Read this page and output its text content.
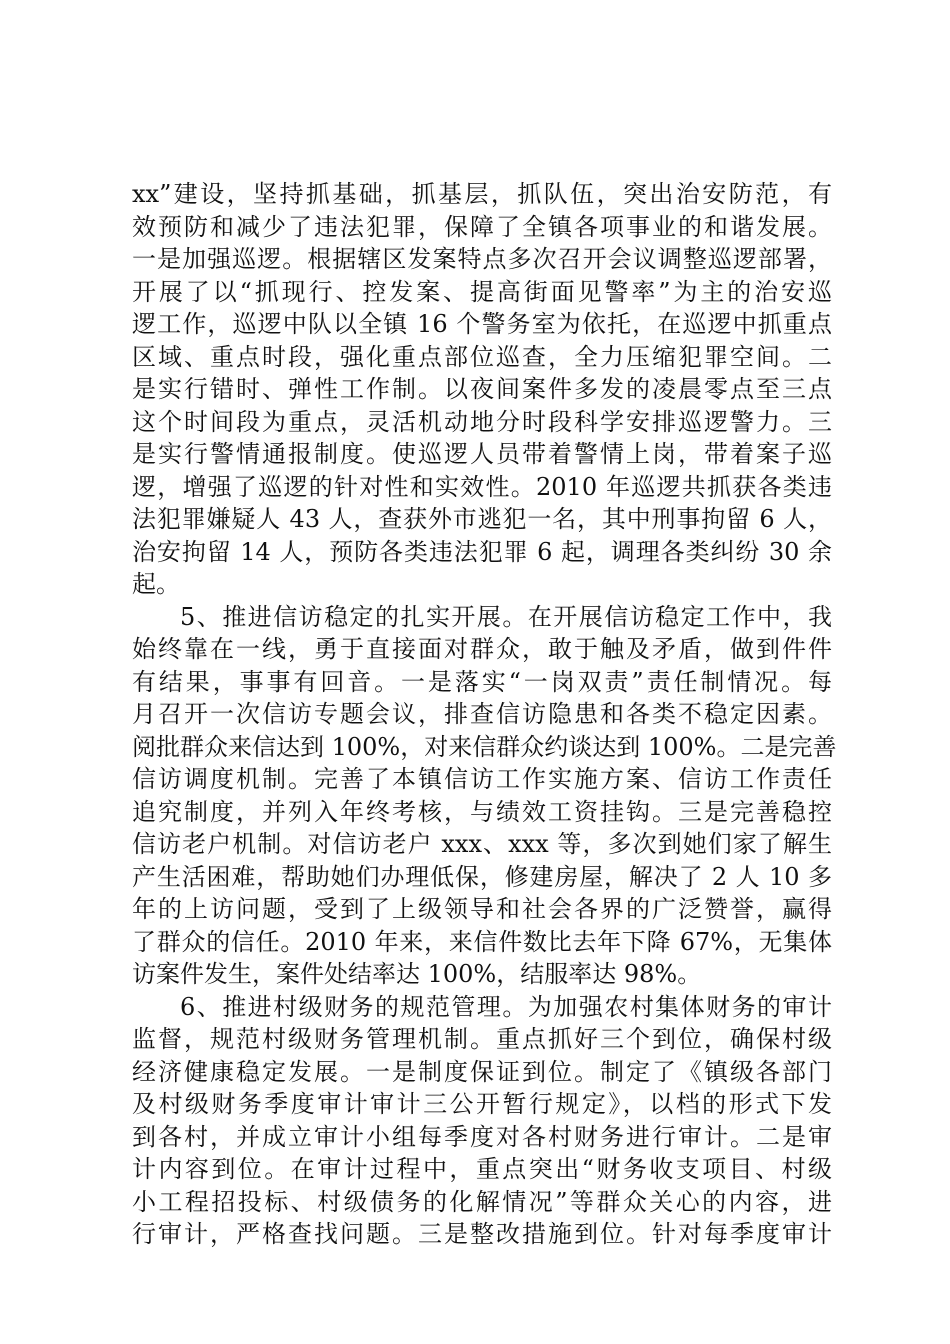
xx”建设，坚持抓基础，抓基层，抓队伍，突出治安防范，有
效预防和减少了违法犯罪，保障了全镇各项事业的和谐发展。
一是加强巡逻。根据辖区发案特点多次召开会议调整巡逻部署，
开展了以“抓现行、控发案、提高街面见警率”为主的治安巡
逻工作，巡逻中队以全镇 16 个警务室为依托，在巡逻中抓重点
区域、重点时段，强化重点部位巡查，全力压缩犯罪空间。二
是实行错时、弹性工作制。以夜间案件多发的凌晨零点至三点
这个时间段为重点，灵活机动地分时段科学安排巡逻警力。三
是实行警情通报制度。使巡逻人员带着警情上岗，带着案子巡
逻，增强了巡逻的针对性和实效性。2010 年巡逻共抓获各类违
法犯罪嫌疑人 43 人，查获外市逃犯一名，其中刑事拘留 6 人，
治安拘留 14 人，预防各类违法犯罪 6 起，调理各类纠纷 30 余
起。
5、推进信访稳定的扎实开展。在开展信访稳定工作中，我
始终靠在一线，勇于直接面对群众，敢于触及矛盾，做到件件
有结果，事事有回音。一是落实“一岗双责”责任制情况。每
月召开一次信访专题会议，排查信访隐患和各类不稳定因素。
阅批群众来信达到 100%，对来信群众约谈达到 100%。二是完善
信访调度机制。完善了本镇信访工作实施方案、信访工作责任
追究制度，并列入年终考核，与绩效工资挂钩。三是完善稳控
信访老户机制。对信访老户 xxx、xxx 等，多次到她们家了解生
产生活困难，帮助她们办理低保，修建房屋，解决了 2 人 10 多
年的上访问题，受到了上级领导和社会各界的广泛赞誉，赢得
了群众的信任。2010 年来，来信件数比去年下降 67%，无集体
访案件发生，案件处结率达 100%，结服率达 98%。
6、推进村级财务的规范管理。为加强农村集体财务的审计
监督，规范村级财务管理机制。重点抓好三个到位，确保村级
经济健康稳定发展。一是制度保证到位。制定了《镇级各部门
及村级财务季度审计审计三公开暂行规定》，以档的形式下发
到各村，并成立审计小组每季度对各村财务进行审计。二是审
计内容到位。在审计过程中，重点突出“财务收支项目、村级
小工程招投标、村级债务的化解情况”等群众关心的内容，进
行审计，严格查找问题。三是整改措施到位。针对每季度审计
